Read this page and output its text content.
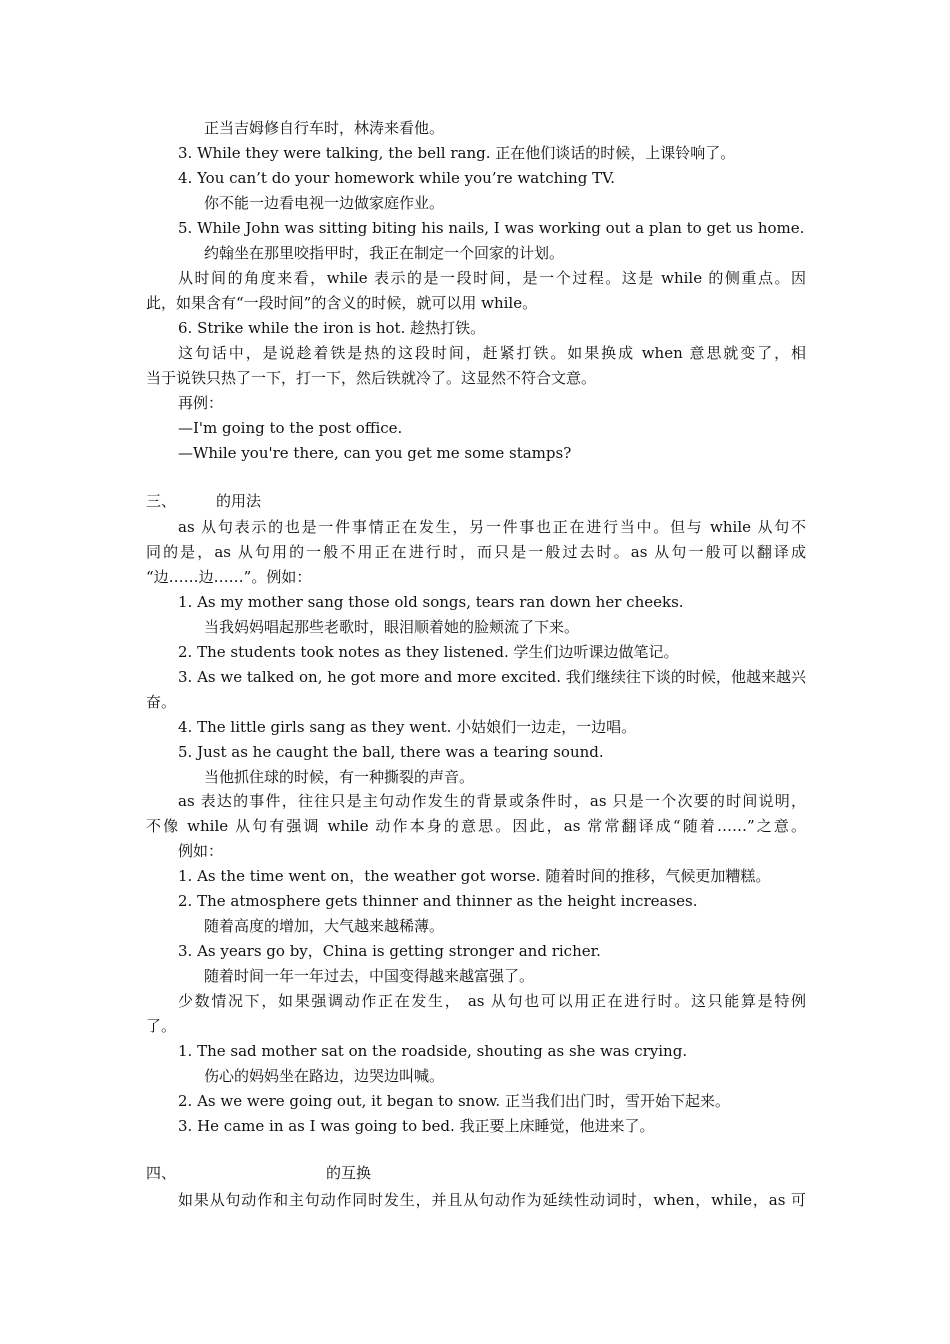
正当吉姆修自行车时，林涛来看他。
3. While they were talking, the bell rang. 正在他们谈话的时候，上课铃响了。
4. You can’t do your homework while you’re watching TV.
你不能一边看电视一边做家庭作业。
5. While John was sitting biting his nails, I was working out a plan to get us home.
约翰坐在那里咬指甲时，我正在制定一个回家的计划。
从时间的角度来看，while 表示的是一段时间，是一个过程。这是 while 的侧重点。因
此，如果含有“一段时间”的含义的时候，就可以用 while。
6. Strike while the iron is hot. 趁热打铁。
这句话中，是说趁着铁是热的这段时间，赶紧打铁。如果换成 when 意思就变了，相
当于说铁只热了一下，打一下，然后铁就冷了。这显然不符合文意。
再例：
—I'm going to the post office.
—While you're there, can you get me some stamps?
三、	的用法
as 从句表示的也是一件事情正在发生，另一件事也正在进行当中。但与 while 从句不
同的是，as 从句用的一般不用正在进行时，而只是一般过去时。as 从句一般可以翻译成
“边……边……”。例如：
1. As my mother sang those old songs, tears ran down her cheeks.
当我妈妈唱起那些老歌时，眼泪顺着她的脸颊流了下来。
2. The students took notes as they listened. 学生们边听课边做笔记。
3. As we talked on, he got more and more excited. 我们继续往下谈的时候，他越来越兴
奋。
4. The little girls sang as they went. 小姑娘们一边走，一边唱。
5. Just as he caught the ball, there was a tearing sound.
当他抓住球的时候，有一种撕裂的声音。
as 表达的事件，往往只是主句动作发生的背景或条件时，as 只是一个次要的时间说明，
不像 while 从句有强调 while 动作本身的意思。因此，as 常常翻译成“随着……”之意。
例如：
1. As the time went on，the weather got worse. 随着时间的推移，气候更加糟糕。
2. The atmosphere gets thinner and thinner as the height increases.
随着高度的增加，大气越来越稀薄。
3. As years go by，China is getting stronger and richer.
随着时间一年一年过去，中国变得越来越富强了。
少数情况下，如果强调动作正在发生， as 从句也可以用正在进行时。这只能算是特例
了。
1. The sad mother sat on the roadside, shouting as she was crying.
伤心的妈妈坐在路边，边哭边叫喊。
2. As we were going out, it began to snow. 正当我们出门时，雪开始下起来。
3. He came in as I was going to bed. 我正要上床睡觉，他进来了。
四、	的互换
如果从句动作和主句动作同时发生，并且从句动作为延续性动词时，when，while，as 可
